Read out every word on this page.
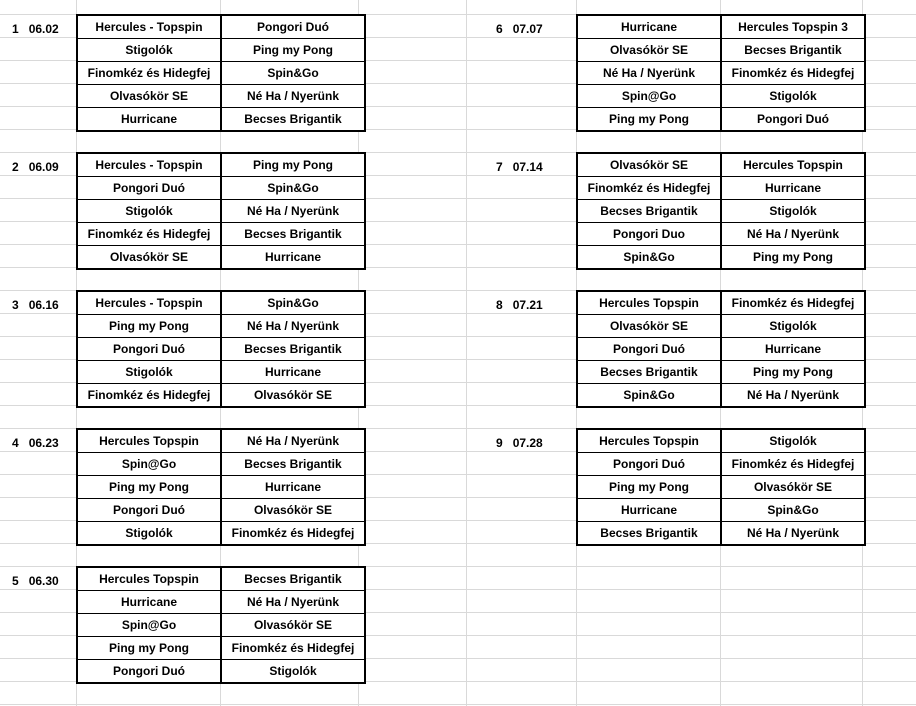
1 06.02	Hercules - Topspin	Pongori Duó
Stigolók	Ping my Pong
Finomkéz és Hidegfej	Spin&Go
Olvasókör SE	Né Ha / Nyerünk
Hurricane	Becses Brigantik
2 06.09	Hercules - Topspin	Ping my Pong
Pongori Duó	Spin&Go
Stigolók	Né Ha / Nyerünk
Finomkéz és Hidegfej	Becses Brigantik
Olvasókör SE	Hurricane
3 06.16	Hercules - Topspin	Spin&Go
Ping my Pong	Né Ha / Nyerünk
Pongori Duó	Becses Brigantik
Stigolók	Hurricane
Finomkéz és Hidegfej	Olvasókör SE
4 06.23	Hercules Topspin	Né Ha / Nyerünk
Spin@Go	Becses Brigantik
Ping my Pong	Hurricane
Pongori Duó	Olvasókör SE
Stigolók	Finomkéz és Hidegfej
5 06.30	Hercules Topspin	Becses Brigantik
Hurricane	Né Ha / Nyerünk
Spin@Go	Olvasókör SE
Ping my Pong	Finomkéz és Hidegfej
Pongori Duó	Stigolók
6 07.07	Hurricane	Hercules Topspin 3
Olvasókör SE	Becses Brigantik
Né Ha / Nyerünk	Finomkéz és Hidegfej
Spin@Go	Stigolók
Ping my Pong	Pongori Duó
7 07.14	Olvasókör SE	Hercules Topspin
Finomkéz és Hidegfej	Hurricane
Becses Brigantik	Stigolók
Pongori Duo	Né Ha / Nyerünk
Spin&Go	Ping my Pong
8 07.21	Hercules Topspin	Finomkéz és Hidegfej
Olvasókör SE	Stigolók
Pongori Duó	Hurricane
Becses Brigantik	Ping my Pong
Spin&Go	Né Ha / Nyerünk
9 07.28	Hercules Topspin	Stigolók
Pongori Duó	Finomkéz és Hidegfej
Ping my Pong	Olvasókör SE
Hurricane	Spin&Go
Becses Brigantik	Né Ha / Nyerünk
